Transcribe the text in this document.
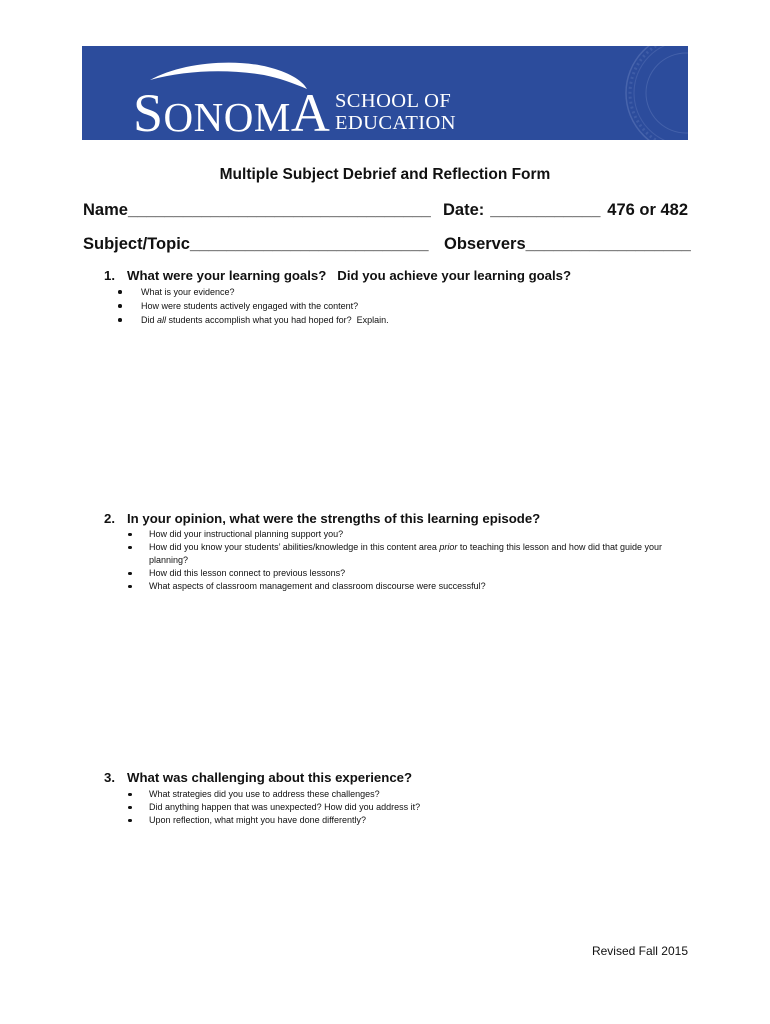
SONOMA SCHOOL OF
EDUCATION
Multiple Subject Debrief and Reflection Form
Name_________________________________ Date: ____________ 476 or 482
Subject/Topic__________________________ Observers__________________
1. What were your learning goals?   Did you achieve your learning goals?
What is your evidence?
How were students actively engaged with the content?
Did all students accomplish what you had hoped for?  Explain.
2. In your opinion, what were the strengths of this learning episode?
How did your instructional planning support you?
How did you know your students’ abilities/knowledge in this content area prior to teaching this lesson and how did that guide your planning?
How did this lesson connect to previous lessons?
What aspects of classroom management and classroom discourse were successful?
3. What was challenging about this experience?
What strategies did you use to address these challenges?
Did anything happen that was unexpected? How did you address it?
Upon reflection, what might you have done differently?
Revised Fall 2015
